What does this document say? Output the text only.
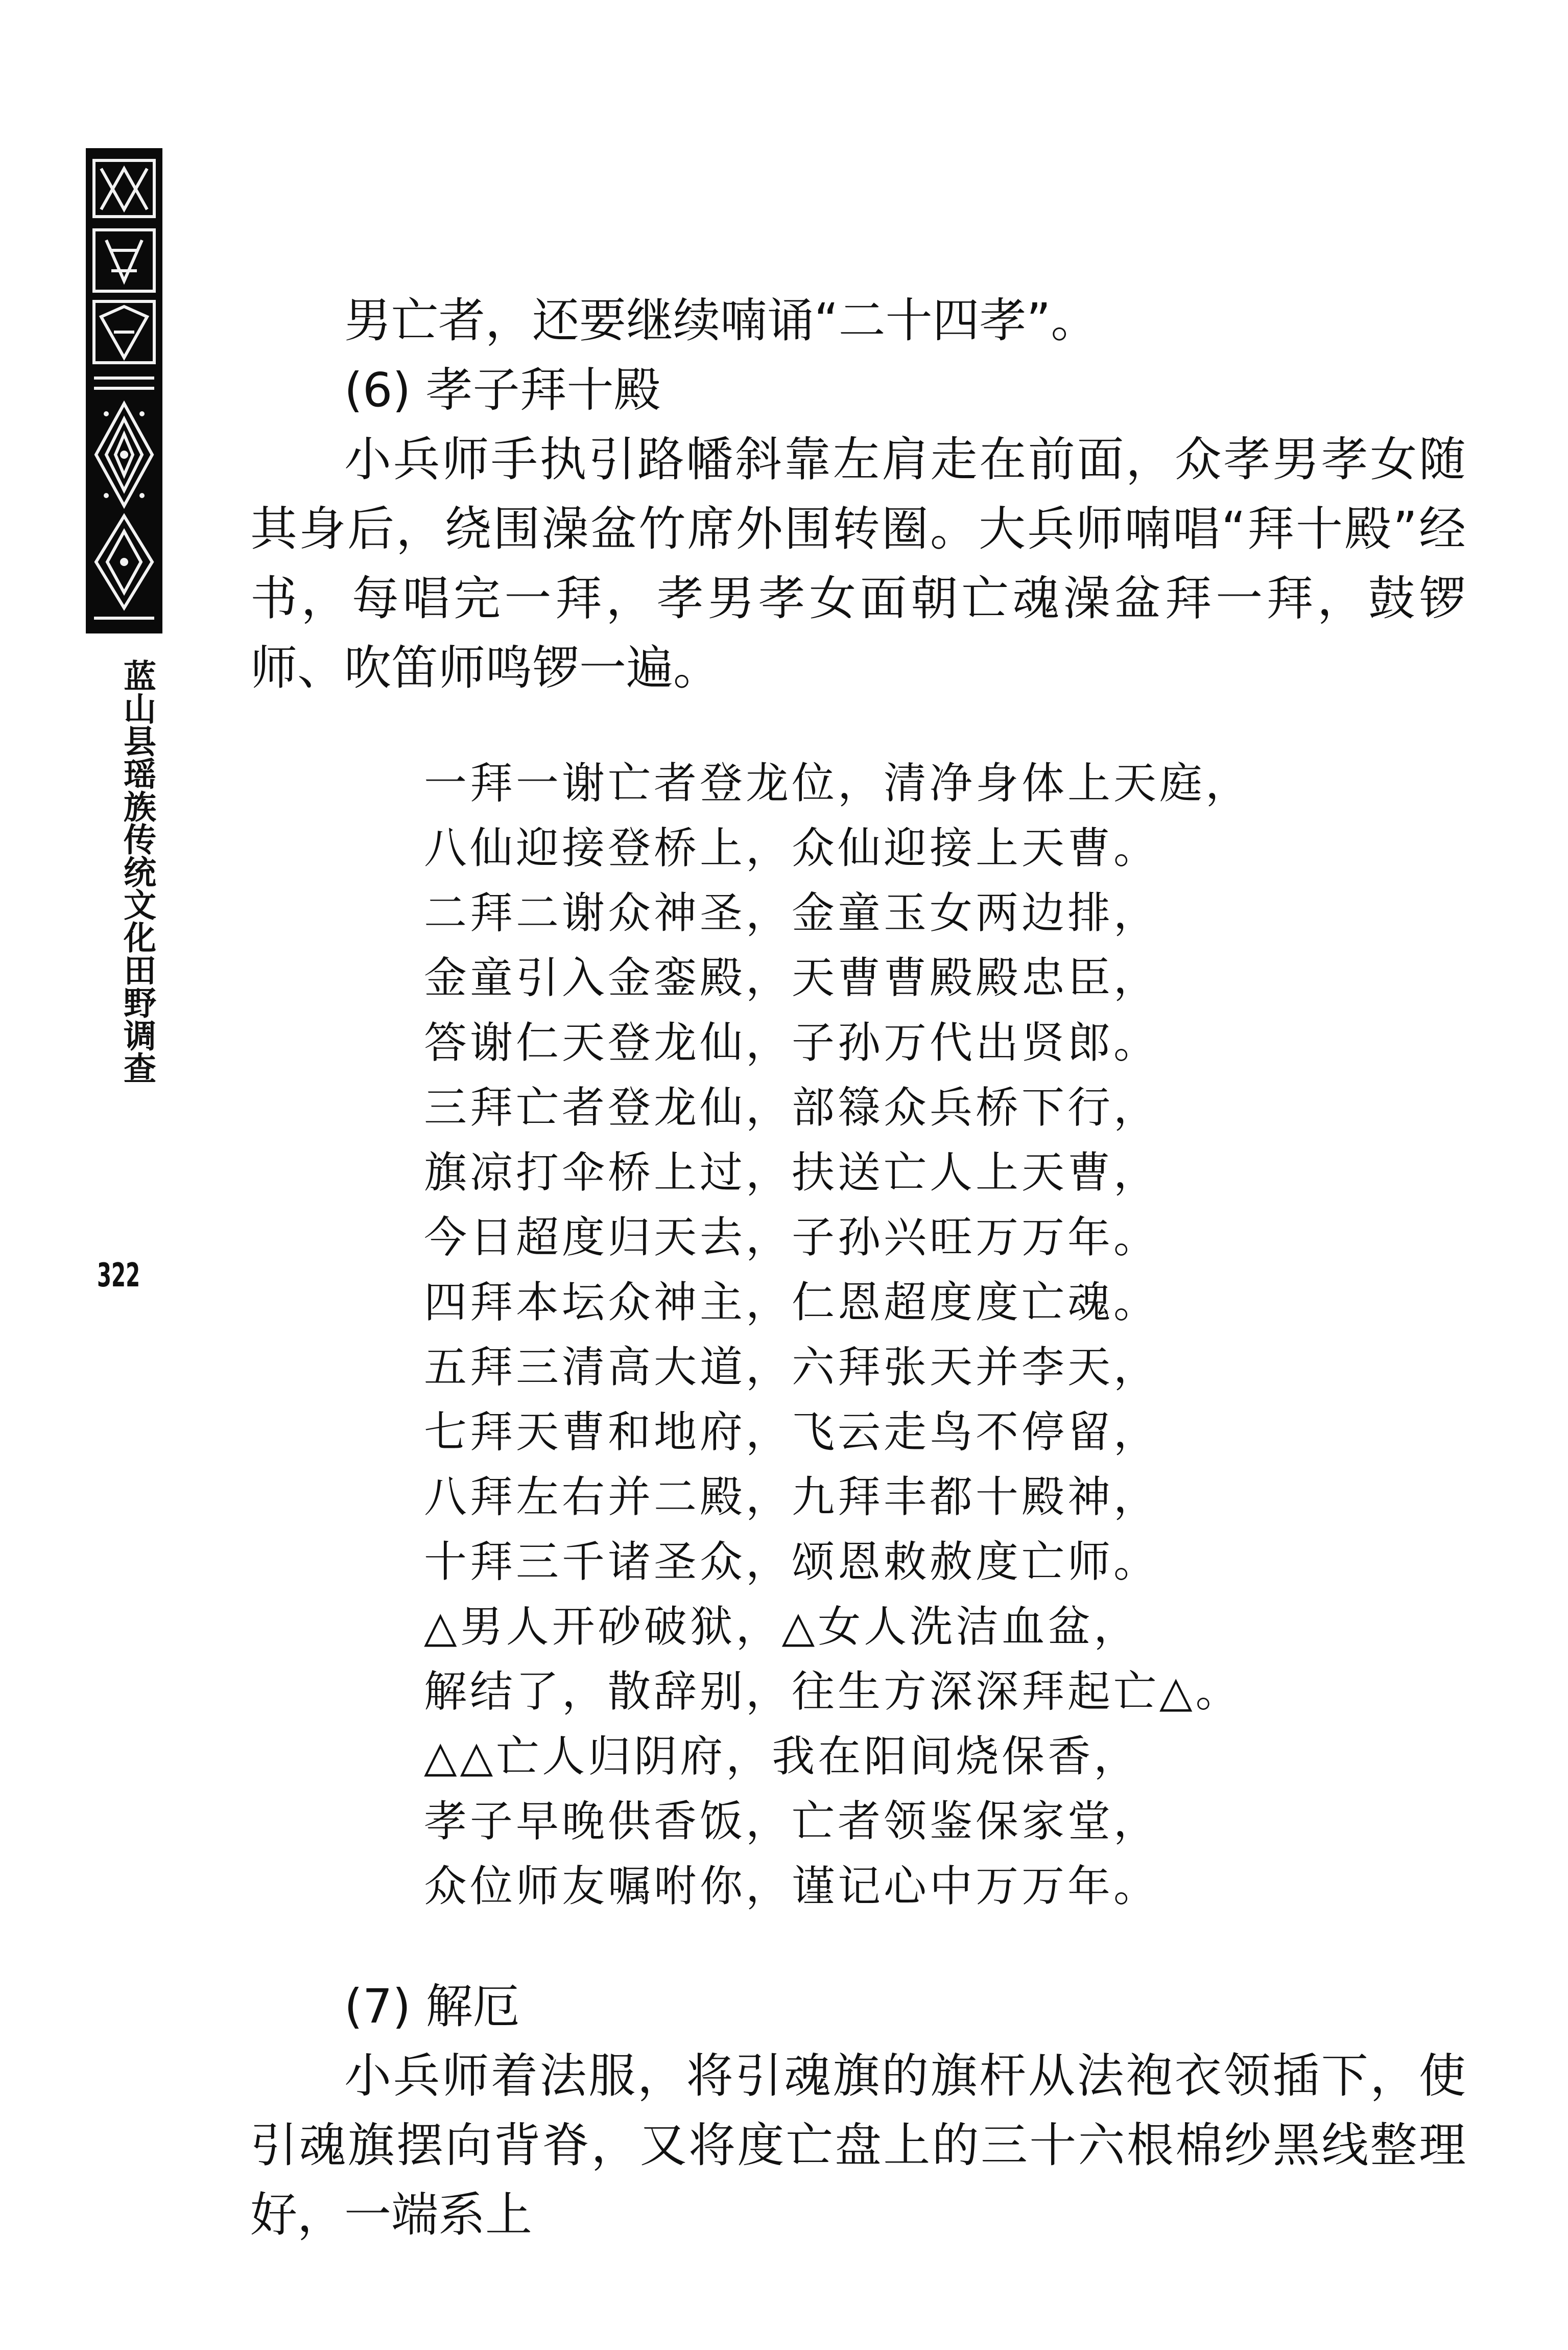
蓝山县瑶族传统文化田野调查
322

男亡者，还要继续喃诵“二十四孝”。

(6) 孝子拜十殿

小兵师手执引路幡斜靠左肩走在前面，众孝男孝女随其身后，绕围澡盆竹席外围转圈。大兵师喃唱“拜十殿”经书，每唱完一拜，孝男孝女面朝亡魂澡盆拜一拜，鼓锣师、吹笛师鸣锣一遍。

一拜一谢亡者登龙位，清净身体上天庭，

八仙迎接登桥上，众仙迎接上天曹。

二拜二谢众神圣，金童玉女两边排，

金童引入金銮殿，天曹曹殿殿忠臣，

答谢仁天登龙仙，子孙万代出贤郎。

三拜亡者登龙仙，部簶众兵桥下行，

旗凉打伞桥上过，扶送亡人上天曹，

今日超度归天去，子孙兴旺万万年。

四拜本坛众神主，仁恩超度度亡魂。

五拜三清高大道，六拜张天并李天，

七拜天曹和地府，飞云走鸟不停留，

八拜左右并二殿，九拜丰都十殿神，

十拜三千诸圣众，颂恩敕赦度亡师。

△男人开砂破狱，△女人洗洁血盆，

解结了，散辞别，往生方深深拜起亡△。

△△亡人归阴府，我在阳间烧保香，

孝子早晚供香饭，亡者领鉴保家堂，

众位师友嘱咐你，谨记心中万万年。

(7) 解厄

小兵师着法服，将引魂旗的旗杆从法袍衣领插下，使引魂旗摆向背脊，又将度亡盘上的三十六根棉纱黑线整理好，一端系上
